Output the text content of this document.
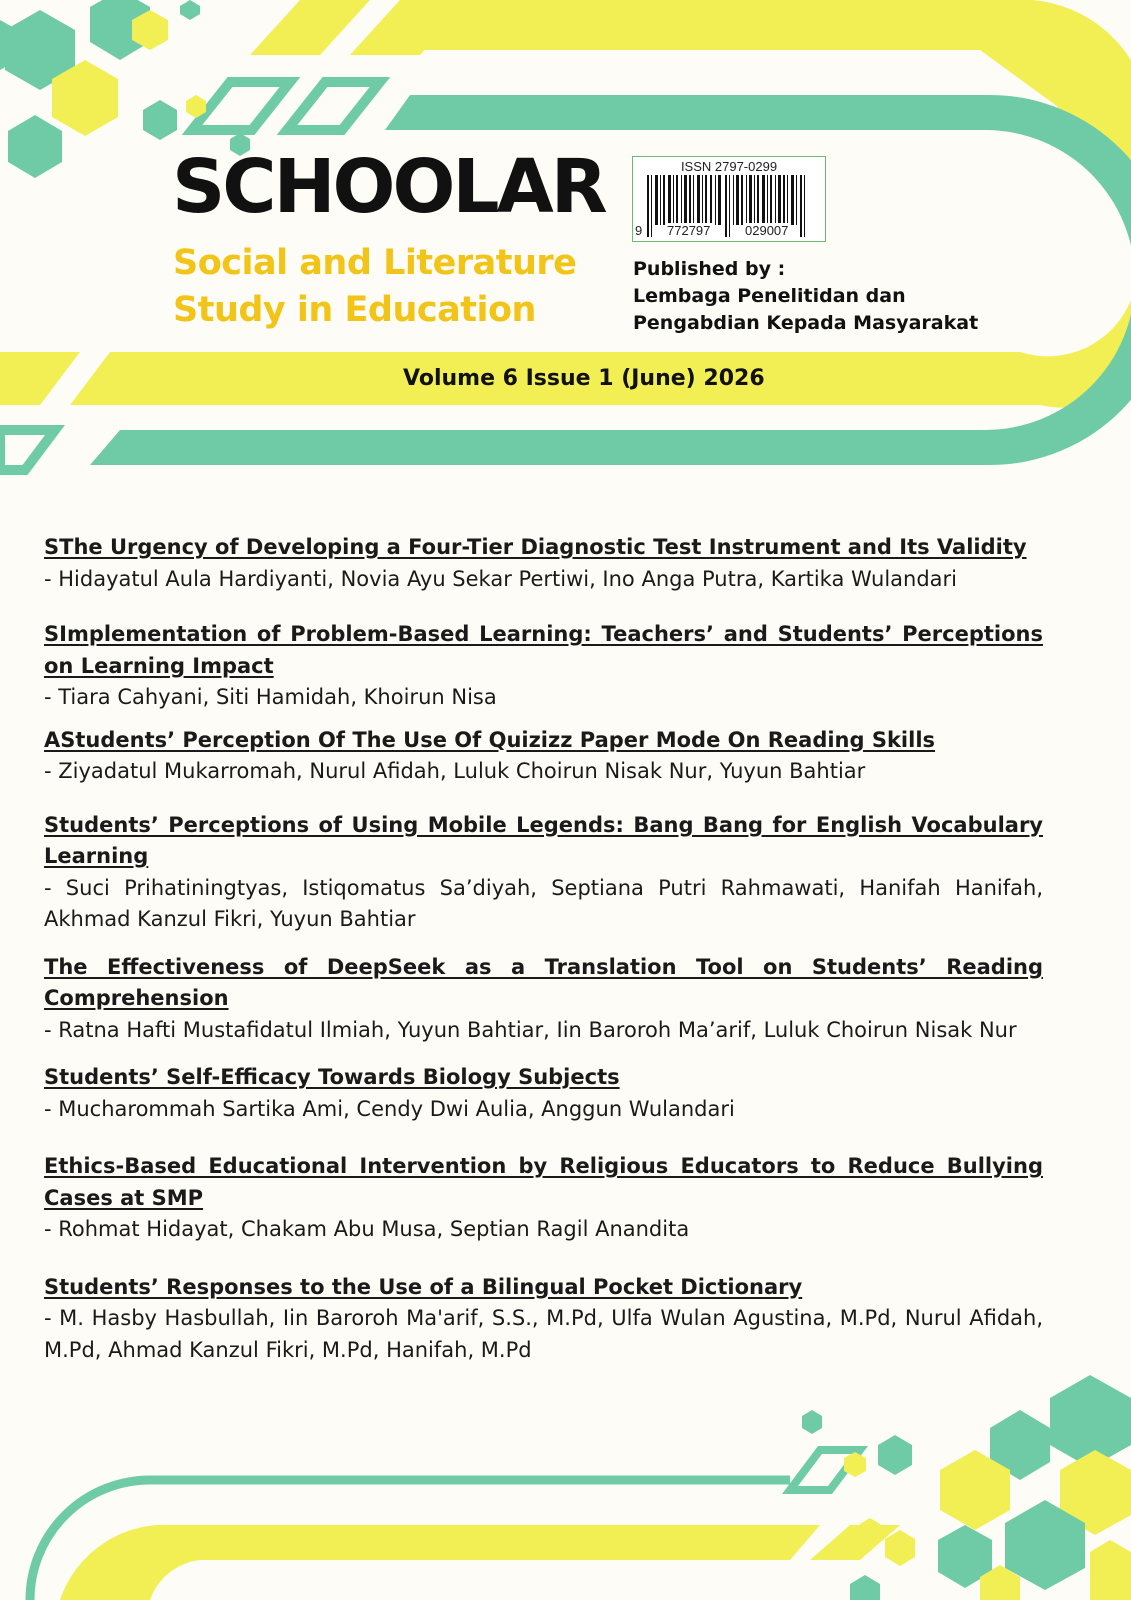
SCHOOLAR
Social and Literature
Study in Education
ISSN 2797-0299
9 772797	029007
Published by :
Lembaga Penelitidan dan
Pengabdian Kepada Masyarakat
Volume 6 Issue 1 (June) 2026

SThe Urgency of Developing a Four-Tier Diagnostic Test Instrument and Its Validity

- Hidayatul Aula Hardiyanti, Novia Ayu Sekar Pertiwi, Ino Anga Putra, Kartika Wulandari

SImplementation of Problem-Based Learning: Teachers’ and Students’ Perceptions on Learning Impact

- Tiara Cahyani, Siti Hamidah, Khoirun Nisa

AStudents’ Perception Of The Use Of Quizizz Paper Mode On Reading Skills

- Ziyadatul Mukarromah, Nurul Afidah, Luluk Choirun Nisak Nur, Yuyun Bahtiar

Students’ Perceptions of Using Mobile Legends: Bang Bang for English Vocabulary Learning

- Suci Prihatiningtyas, Istiqomatus Sa’diyah, Septiana Putri Rahmawati, Hanifah Hanifah, Akhmad Kanzul Fikri, Yuyun Bahtiar

The Effectiveness of DeepSeek as a Translation Tool on Students’ Reading Comprehension

- Ratna Hafti Mustafidatul Ilmiah, Yuyun Bahtiar, Iin Baroroh Ma’arif, Luluk Choirun Nisak Nur

Students’ Self-Efficacy Towards Biology Subjects

- Mucharommah Sartika Ami, Cendy Dwi Aulia, Anggun Wulandari

Ethics-Based Educational Intervention by Religious Educators to Reduce Bullying Cases at SMP

- Rohmat Hidayat, Chakam Abu Musa, Septian Ragil Anandita

Students’ Responses to the Use of a Bilingual Pocket Dictionary

- M. Hasby Hasbullah, Iin Baroroh Ma'arif, S.S., M.Pd, Ulfa Wulan Agustina, M.Pd, Nurul Afidah, M.Pd, Ahmad Kanzul Fikri, M.Pd, Hanifah, M.Pd
